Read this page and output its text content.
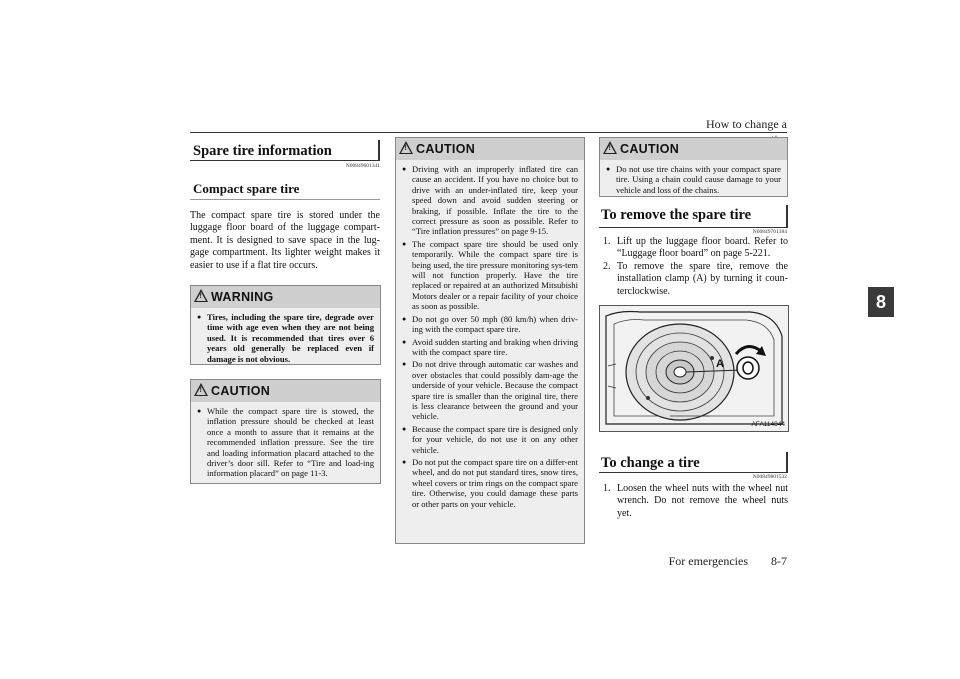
How to change a
For emergencies	8-7
8
Spare tire information
N00849601341
Compact spare tire
The compact spare tire is stored under the luggage floor board of the luggage compart-ment. It is designed to save space in the lug-gage compartment. Its lighter weight makes it easier to use if a flat tire occurs.
! WARNING
● Tires, including the spare tire, degrade over time with age even when they are not being used. It is recommended that tires over 6 years old generally be replaced even if damage is not obvious.
! CAUTION
● While the compact spare tire is stowed, the inflation pressure should be checked at least once a month to assure that it remains at the recommended inflation pressure. See the tire and loading information placard attached to the driver’s door sill. Refer to “Tire and load-ing information placard” on page 11-3.
! CAUTION
● Driving with an improperly inflated tire can cause an accident. If you have no choice but to drive with an under-inflated tire, keep your speed down and avoid sudden steering or braking, if possible. Inflate the tire to the correct pressure as soon as possible. Refer to “Tire inflation pressures” on page 9-15.
● The compact spare tire should be used only temporarily. While the compact spare tire is being used, the tire pressure monitoring sys-tem will not function properly. Have the tire replaced or repaired at an authorized Mitsubishi Motors dealer or a repair facility of your choice as soon as possible.
● Do not go over 50 mph (80 km/h) when driv-ing with the compact spare tire.
● Avoid sudden starting and braking when driving with the compact spare tire.
● Do not drive through automatic car washes and over obstacles that could possibly dam-age the underside of your vehicle. Because the compact spare tire is smaller than the original tire, there is less clearance between the ground and your vehicle.
● Because the compact spare tire is designed only for your vehicle, do not use it on any other vehicle.
● Do not put the compact spare tire on a differ-ent wheel, and do not put standard tires, snow tires, wheel covers or trim rings on the compact spare tire. Otherwise, you could damage these parts or other parts on your vehicle.
! CAUTION
● Do not use tire chains with your compact spare tire. Using a chain could cause damage to your vehicle and loss of the chains.
To remove the spare tire
N00849701384
1. Lift up the luggage floor board. Refer to “Luggage floor board” on page 5-221.
2. To remove the spare tire, remove the installation clamp (A) by turning it coun-terclockwise.
A
AFA114844
To change a tire
N00849801532
1. Loosen the wheel nuts with the wheel nut wrench. Do not remove the wheel nuts yet.
